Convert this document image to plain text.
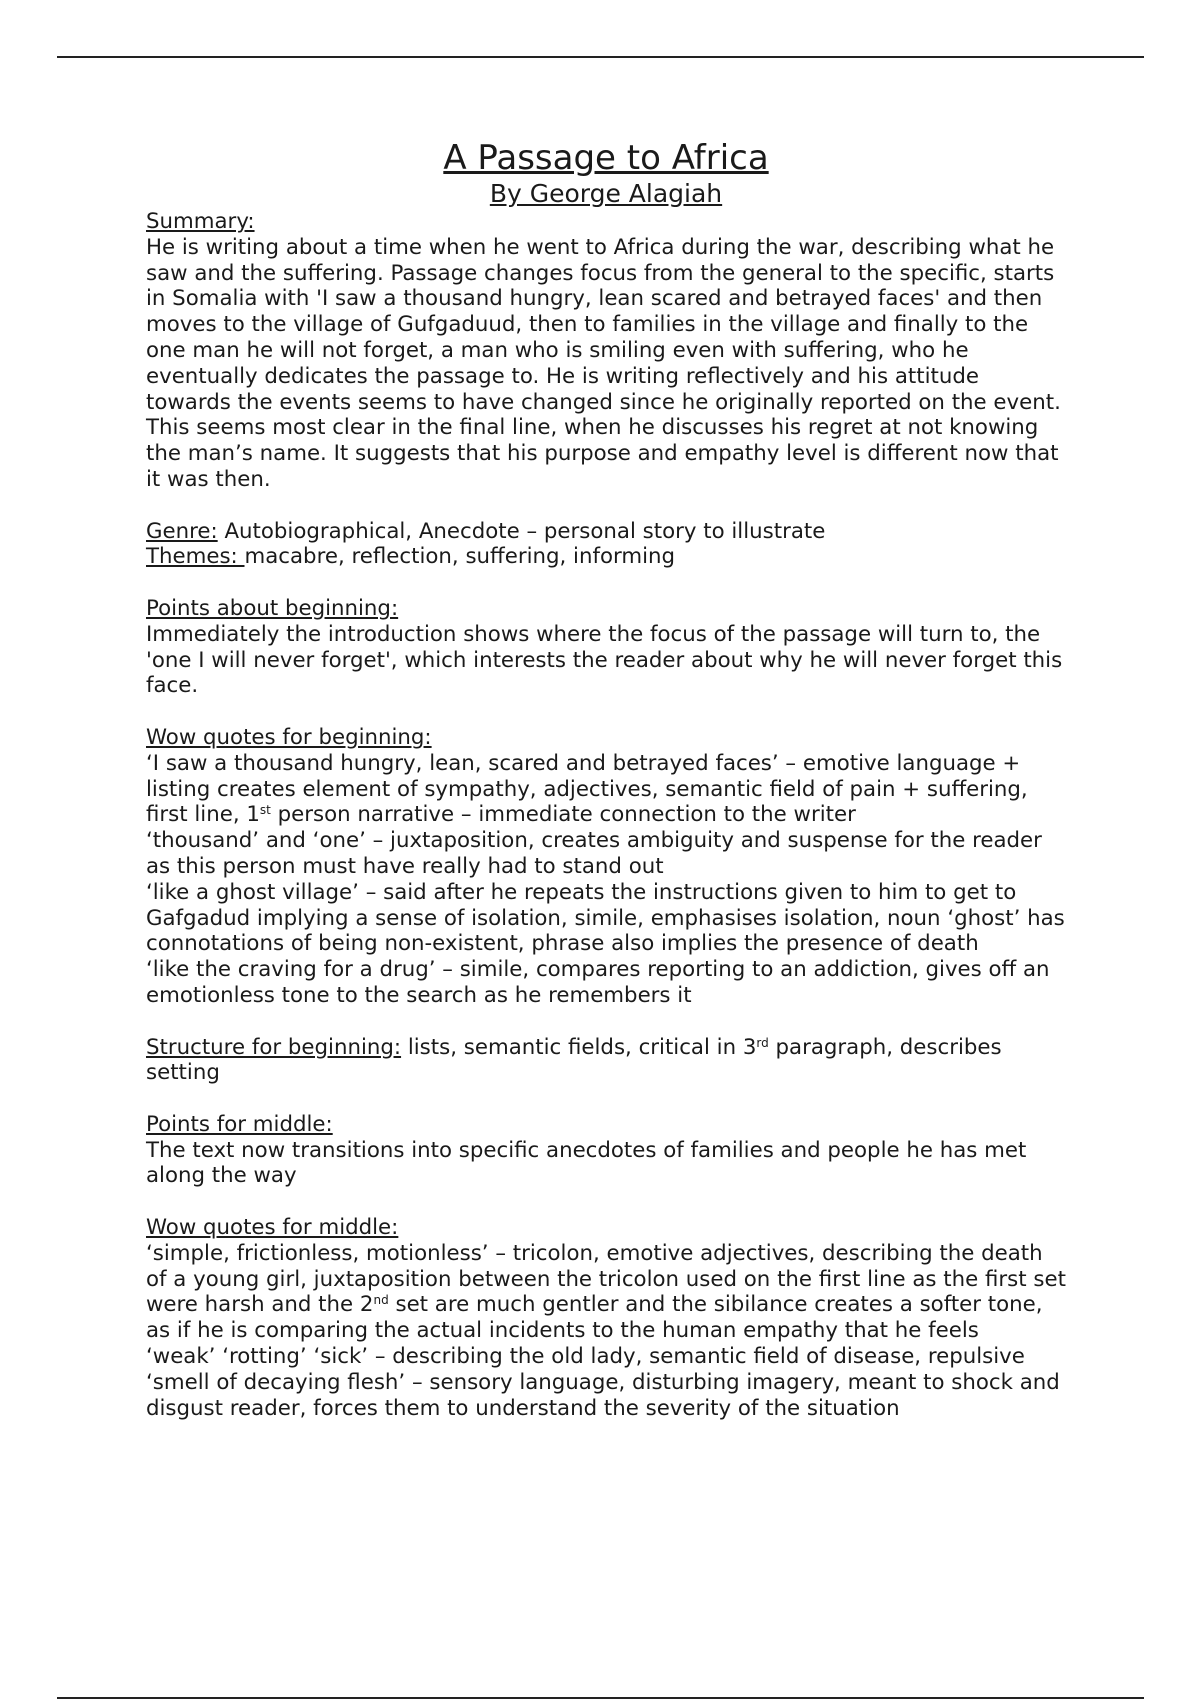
A Passage to Africa
By George Alagiah

Summary:

He is writing about a time when he went to Africa during the war, describing what he saw and the suffering. Passage changes focus from the general to the specific, starts in Somalia with 'I saw a thousand hungry, lean scared and betrayed faces' and then moves to the village of Gufgaduud, then to families in the village and finally to the one man he will not forget, a man who is smiling even with suffering, who he eventually dedicates the passage to. He is writing reflectively and his attitude towards the events seems to have changed since he originally reported on the event. This seems most clear in the final line, when he discusses his regret at not knowing the man’s name. It suggests that his purpose and empathy level is different now that it was then.

Genre: Autobiographical, Anecdote – personal story to illustrate

Themes: macabre, reflection, suffering, informing

Points about beginning:

Immediately the introduction shows where the focus of the passage will turn to, the 'one I will never forget', which interests the reader about why he will never forget this face.

Wow quotes for beginning:

‘I saw a thousand hungry, lean, scared and betrayed faces’ – emotive language + listing creates element of sympathy, adjectives, semantic field of pain + suffering, first line, 1st person narrative – immediate connection to the writer

‘thousand’ and ‘one’ – juxtaposition, creates ambiguity and suspense for the reader as this person must have really had to stand out

‘like a ghost village’ – said after he repeats the instructions given to him to get to Gafgadud implying a sense of isolation, simile, emphasises isolation, noun ‘ghost’ has connotations of being non-existent, phrase also implies the presence of death

‘like the craving for a drug’ – simile, compares reporting to an addiction, gives off an emotionless tone to the search as he remembers it

Structure for beginning: lists, semantic fields, critical in 3rd paragraph, describes setting

Points for middle:

The text now transitions into specific anecdotes of families and people he has met along the way

Wow quotes for middle:

‘simple, frictionless, motionless’ – tricolon, emotive adjectives, describing the death of a young girl, juxtaposition between the tricolon used on the first line as the first set were harsh and the 2nd set are much gentler and the sibilance creates a softer tone, as if he is comparing the actual incidents to the human empathy that he feels

‘weak’ ‘rotting’ ‘sick’ – describing the old lady, semantic field of disease, repulsive

‘smell of decaying flesh’ – sensory language, disturbing imagery, meant to shock and disgust reader, forces them to understand the severity of the situation
